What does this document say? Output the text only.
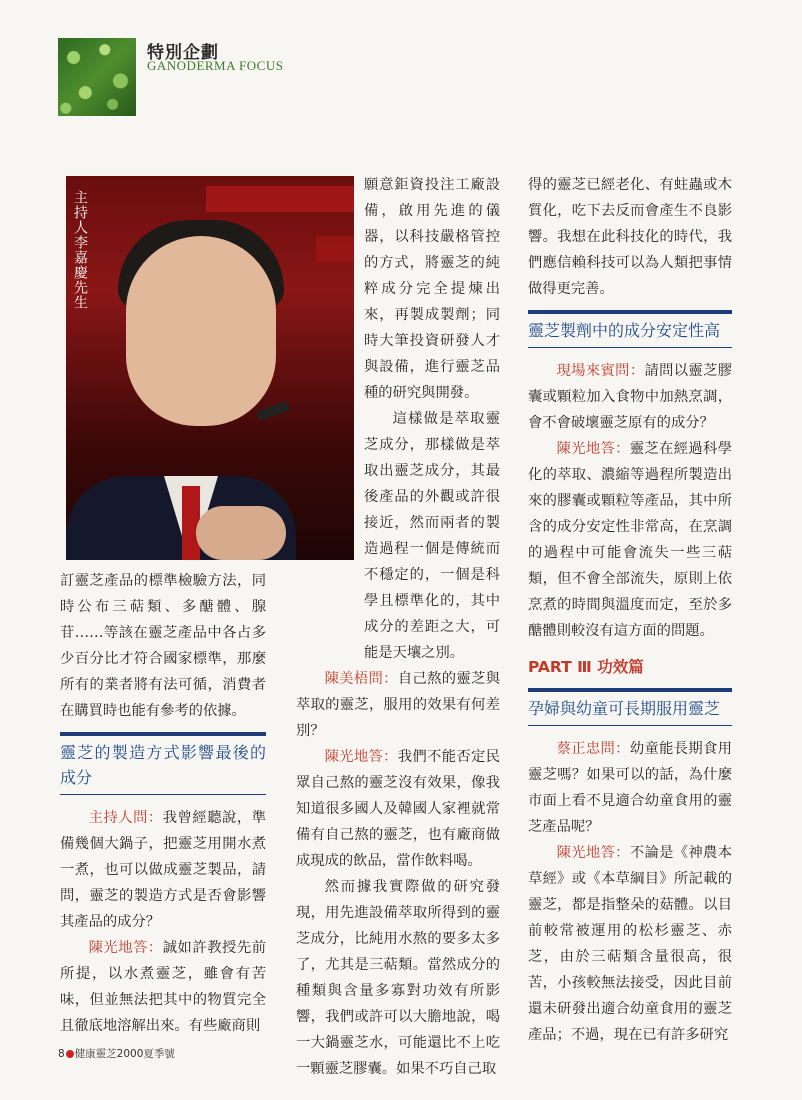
特別企劃
GANODERMA FOCUS
主持人李嘉慶先生

訂靈芝產品的標準檢驗方法，同時公布三萜類、多醣體、腺苷……等該在靈芝產品中各占多少百分比才符合國家標準，那麼所有的業者將有法可循，消費者在購買時也能有參考的依據。

靈芝的製造方式影響最後的成分

主持人問：我曾經聽說，準備幾個大鍋子，把靈芝用開水煮一煮，也可以做成靈芝製品，請問，靈芝的製造方式是否會影響其產品的成分？

陳光地答：誠如許教授先前所提，以水煮靈芝，雖會有苦味，但並無法把其中的物質完全且徹底地溶解出來。有些廠商則

願意鉅資投注工廠設備，啟用先進的儀器，以科技嚴格管控的方式，將靈芝的純粹成分完全提煉出來，再製成製劑；同時大筆投資研發人才與設備，進行靈芝品種的研究與開發。

這樣做是萃取靈芝成分，那樣做是萃取出靈芝成分，其最後產品的外觀或許很接近，然而兩者的製造過程一個是傳統而不穩定的，一個是科學且標準化的，其中成分的差距之大，可能是天壤之別。

陳美梧問：自己熬的靈芝與萃取的靈芝，服用的效果有何差別？

陳光地答：我們不能否定民眾自己熬的靈芝沒有效果，像我知道很多國人及韓國人家裡就常備有自己熬的靈芝，也有廠商做成現成的飲品，當作飲料喝。

然而據我實際做的研究發現，用先進設備萃取所得到的靈芝成分，比純用水熬的要多太多了，尤其是三萜類。當然成分的種類與含量多寡對功效有所影響，我們或許可以大膽地說，喝一大鍋靈芝水，可能還比不上吃一顆靈芝膠囊。如果不巧自己取

得的靈芝已經老化、有蛀蟲或木質化，吃下去反而會產生不良影響。我想在此科技化的時代，我們應信賴科技可以為人類把事情做得更完善。

靈芝製劑中的成分安定性高

現場來賓問：請問以靈芝膠囊或顆粒加入食物中加熱烹調，會不會破壞靈芝原有的成分？

陳光地答：靈芝在經過科學化的萃取、濃縮等過程所製造出來的膠囊或顆粒等產品，其中所含的成分安定性非常高，在烹調的過程中可能會流失一些三萜類，但不會全部流失，原則上依烹煮的時間與溫度而定，至於多醣體則較沒有這方面的問題。

PART Ⅲ 功效篇
孕婦與幼童可長期服用靈芝

蔡正忠問：幼童能長期食用靈芝嗎？如果可以的話，為什麼市面上看不見適合幼童食用的靈芝產品呢？

陳光地答：不論是《神農本草經》或《本草綱目》所記載的靈芝，都是指整朵的菇體。以目前較常被運用的松杉靈芝、赤芝，由於三萜類含量很高，很苦，小孩較無法接受，因此目前還未研發出適合幼童食用的靈芝產品；不過，現在已有許多研究

8 健康靈芝2000夏季號
